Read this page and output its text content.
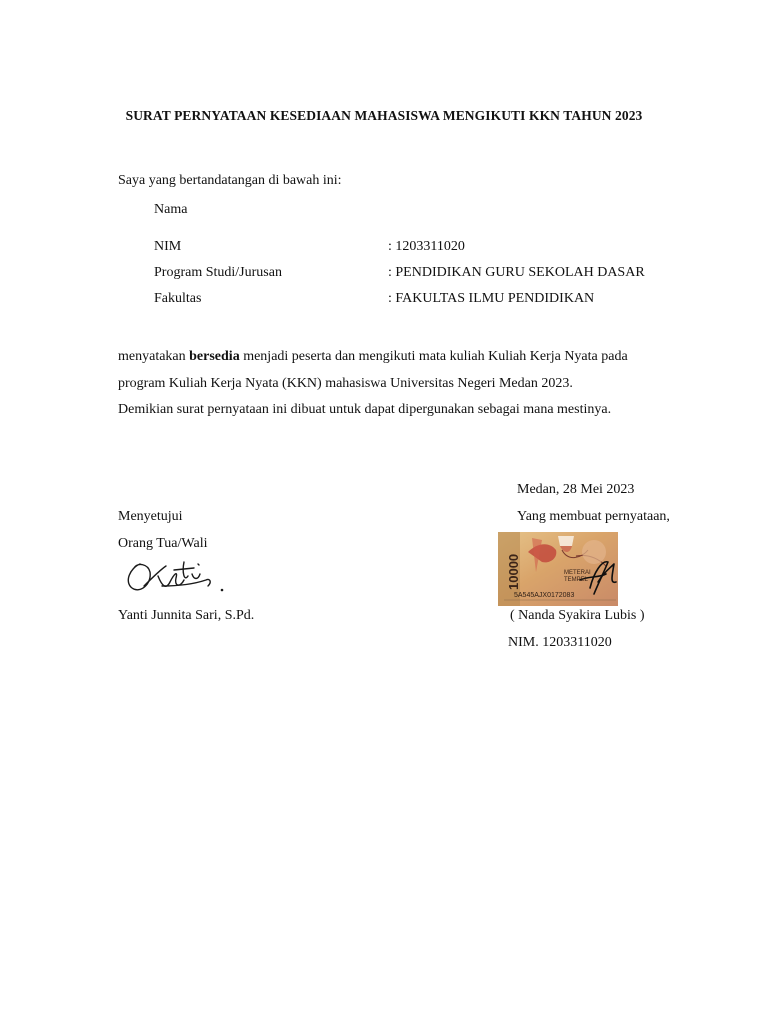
SURAT PERNYATAAN KESEDIAAN MAHASISWA MENGIKUTI KKN TAHUN 2023
Saya yang bertandatangan di bawah ini:
Nama
NIM	: 1203311020
Program Studi/Jurusan	: PENDIDIKAN GURU SEKOLAH DASAR
Fakultas	: FAKULTAS ILMU PENDIDIKAN
menyatakan bersedia menjadi peserta dan mengikuti mata kuliah Kuliah Kerja Nyata pada
program Kuliah Kerja Nyata (KKN) mahasiswa Universitas Negeri Medan 2023.
Demikian surat pernyataan ini dibuat untuk dapat dipergunakan sebagai mana mestinya.
Medan, 28 Mei 2023
Menyetujui
Orang Tua/Wali
Yanti Junnita Sari, S.Pd.
Yang membuat pernyataan,
10000	METERAI TEMPEL
5A545AJX0172083
( Nanda Syakira Lubis )
NIM. 1203311020
